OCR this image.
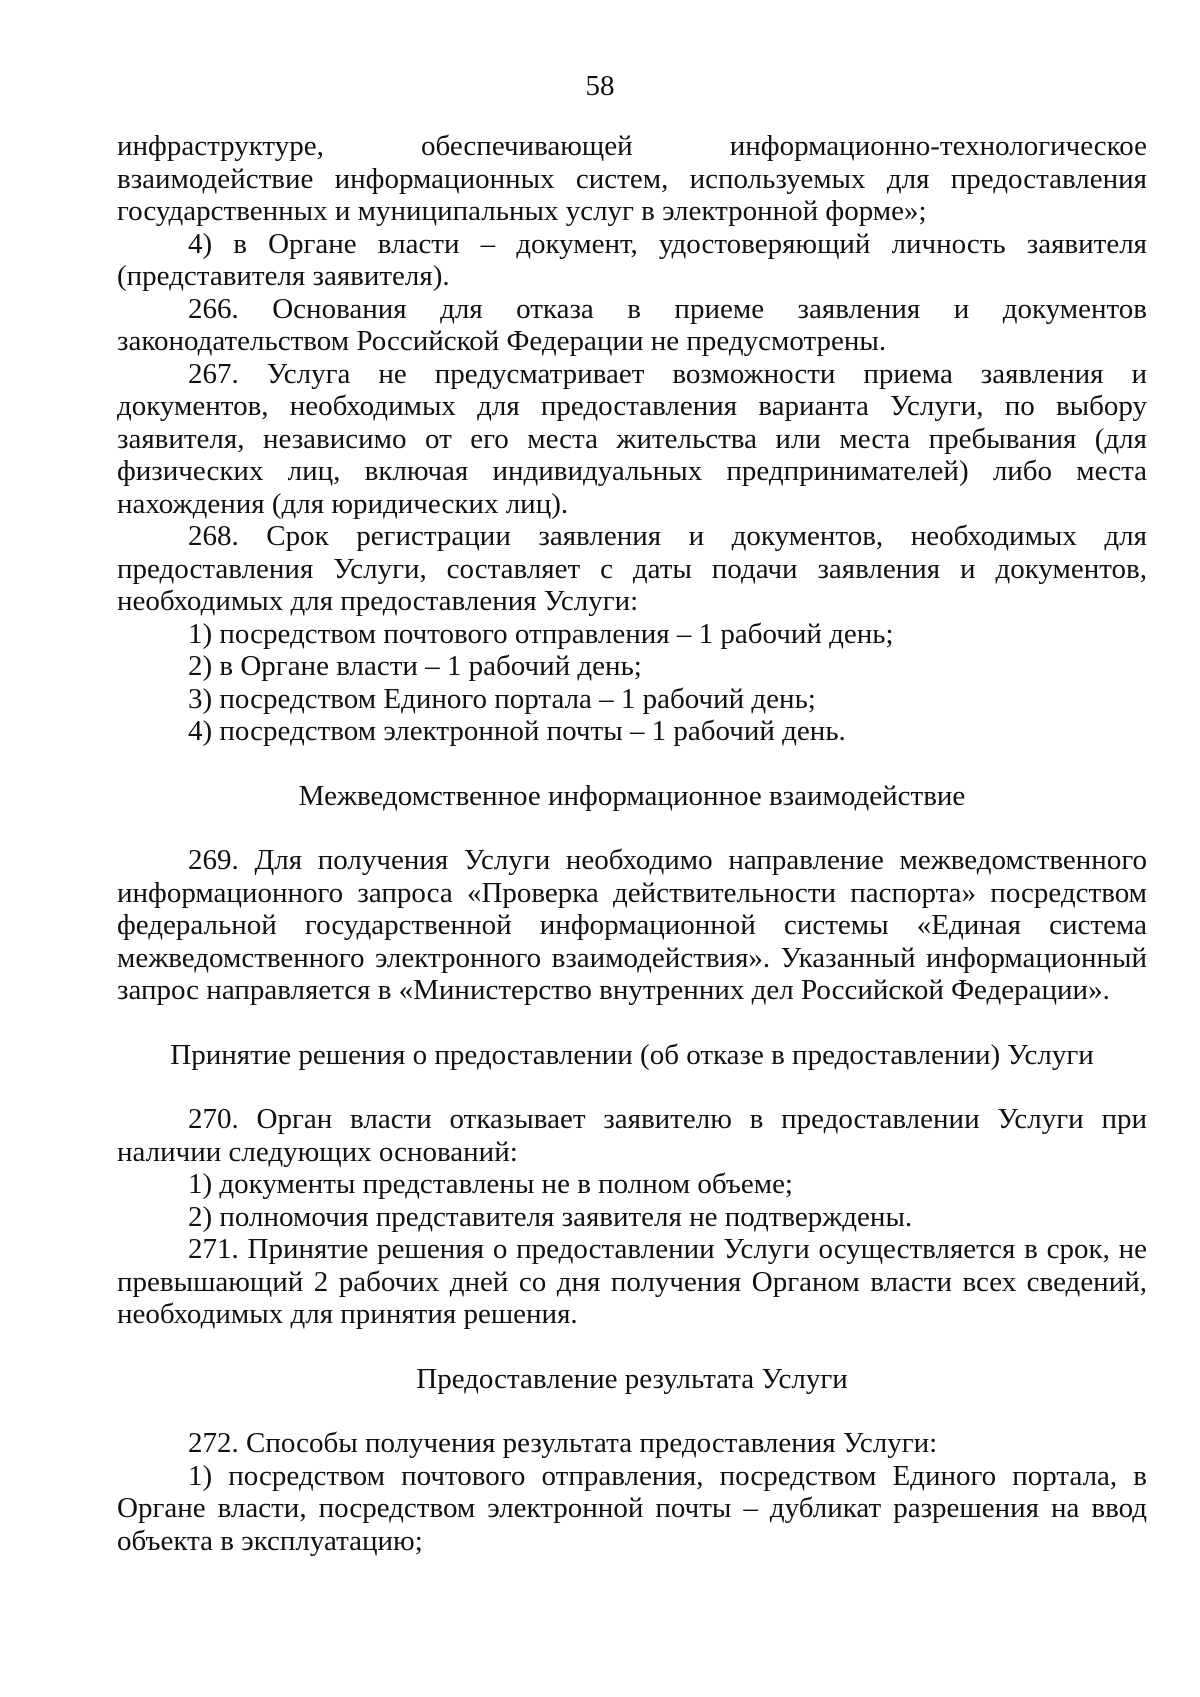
58

инфраструктуре, обеспечивающей информационно-технологическое взаимодействие информационных систем, используемых для предоставления государственных и муниципальных услуг в электронной форме»;

4) в Органе власти – документ, удостоверяющий личность заявителя (представителя заявителя).

266. Основания для отказа в приеме заявления и документов законодательством Российской Федерации не предусмотрены.

267. Услуга не предусматривает возможности приема заявления и документов, необходимых для предоставления варианта Услуги, по выбору заявителя, независимо от его места жительства или места пребывания (для физических лиц, включая индивидуальных предпринимателей) либо места нахождения (для юридических лиц).

268. Срок регистрации заявления и документов, необходимых для предоставления Услуги, составляет с даты подачи заявления и документов, необходимых для предоставления Услуги:

1) посредством почтового отправления – 1 рабочий день;

2) в Органе власти – 1 рабочий день;

3) посредством Единого портала – 1 рабочий день;

4) посредством электронной почты – 1 рабочий день.

Межведомственное информационное взаимодействие

269. Для получения Услуги необходимо направление межведомственного информационного запроса «Проверка действительности паспорта» посредством федеральной государственной информационной системы «Единая система межведомственного электронного взаимодействия». Указанный информационный запрос направляется в «Министерство внутренних дел Российской Федерации».

Принятие решения о предоставлении (об отказе в предоставлении) Услуги

270. Орган власти отказывает заявителю в предоставлении Услуги при наличии следующих оснований:

1) документы представлены не в полном объеме;

2) полномочия представителя заявителя не подтверждены.

271. Принятие решения о предоставлении Услуги осуществляется в срок, не превышающий 2 рабочих дней со дня получения Органом власти всех сведений, необходимых для принятия решения.

Предоставление результата Услуги

272. Способы получения результата предоставления Услуги:

1) посредством почтового отправления, посредством Единого портала, в Органе власти, посредством электронной почты – дубликат разрешения на ввод объекта в эксплуатацию;
